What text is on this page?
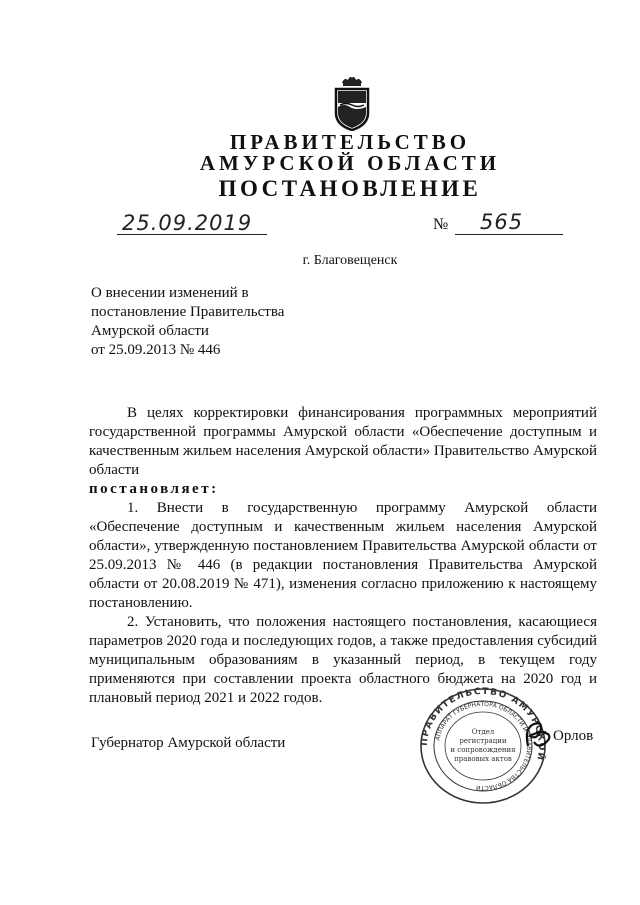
ПРАВИТЕЛЬСТВО
АМУРСКОЙ ОБЛАСТИ
ПОСТАНОВЛЕНИЕ
25.09.2019	№ 565
г. Благовещенск
О внесении изменений в
постановление Правительства
Амурской области
от 25.09.2013 № 446

В целях корректировки финансирования программных мероприятий государственной программы Амурской области «Обеспечение доступным и качественным жильем населения Амурской области» Правительство Амурской области

постановляет:

1. Внести в государственную программу Амурской области «Обеспечение доступным и качественным жильем населения Амурской области», утвержденную постановлением Правительства Амурской области от 25.09.2013 № 446 (в редакции постановления Правительства Амурской области от 20.08.2019 № 471), изменения согласно приложению к настоящему постановлению.

2. Установить, что положения настоящего постановления, касающиеся параметров 2020 года и последующих годов, а также предоставления субсидий муниципальным образованиям в указанный период, в текущем году применяются при составлении проекта областного бюджета на 2020 год и плановый период 2021 и 2022 годов.

Губернатор Амурской области	Орлов
ПРАВИТЕЛЬСТВО АМУРСКОЙ
АППАРАТ ГУБЕРНАТОРА ОБЛАСТИ И ПРАВИТЕЛЬСТВА ОБЛАСТИ
Отдел
регистрации
и сопровождения
правовых актов
